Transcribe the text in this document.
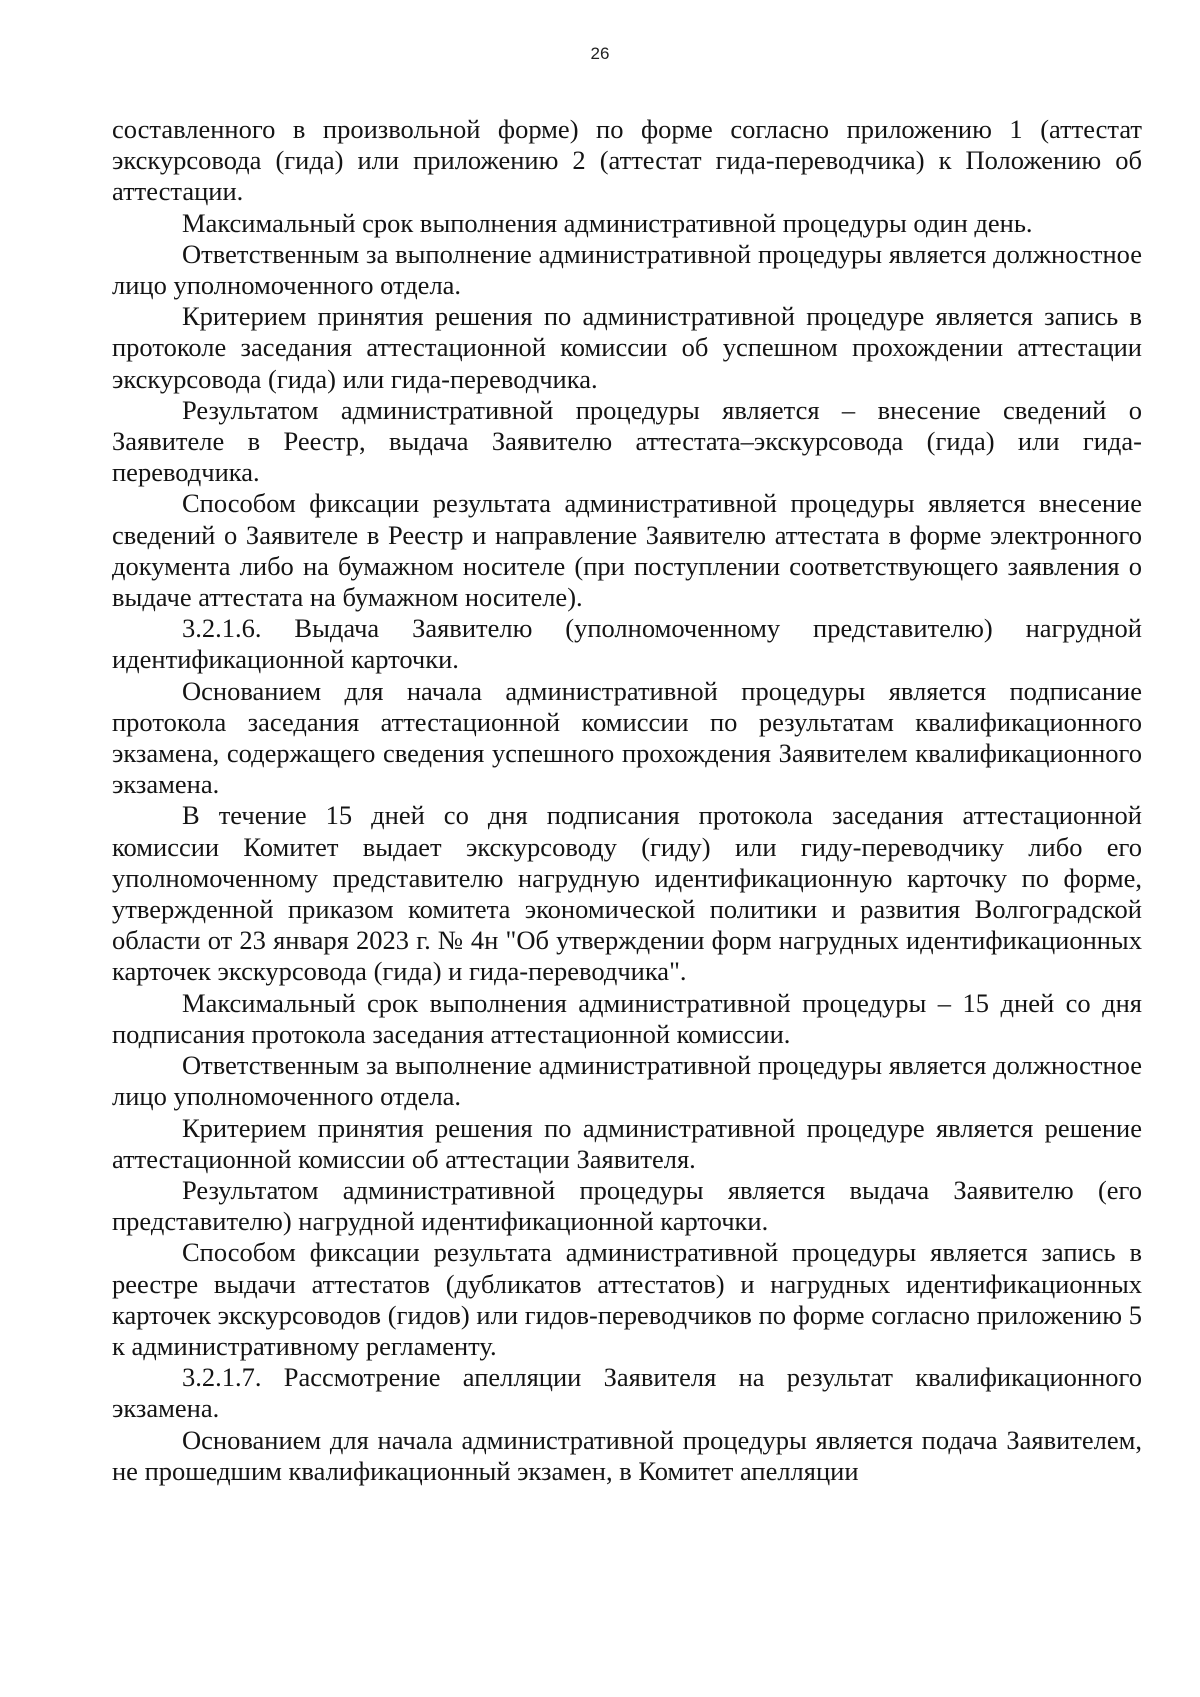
26

составленного в произвольной форме) по форме согласно приложению 1 (аттестат экскурсовода (гида) или приложению 2 (аттестат гида-переводчика) к Положению об аттестации.

Максимальный срок выполнения административной процедуры один день.

Ответственным за выполнение административной процедуры является должностное лицо уполномоченного отдела.

Критерием принятия решения по административной процедуре является запись в протоколе заседания аттестационной комиссии об успешном прохождении аттестации экскурсовода (гида) или гида-переводчика.

Результатом административной процедуры является – внесение сведений о Заявителе в Реестр, выдача Заявителю аттестата–экскурсовода (гида) или гида-переводчика.

Способом фиксации результата административной процедуры является внесение сведений о Заявителе в Реестр и направление Заявителю аттестата в форме электронного документа либо на бумажном носителе (при поступлении соответствующего заявления о выдаче аттестата на бумажном носителе).

3.2.1.6. Выдача Заявителю (уполномоченному представителю) нагрудной идентификационной карточки.

Основанием для начала административной процедуры является подписание протокола заседания аттестационной комиссии по результатам квалификационного экзамена, содержащего сведения успешного прохождения Заявителем квалификационного экзамена.

В течение 15 дней со дня подписания протокола заседания аттестационной комиссии Комитет выдает экскурсоводу (гиду) или гиду-переводчику либо его уполномоченному представителю нагрудную идентификационную карточку по форме, утвержденной приказом комитета экономической политики и развития Волгоградской области от 23 января 2023 г. № 4н "Об утверждении форм нагрудных идентификационных карточек экскурсовода (гида) и гида-переводчика".

Максимальный срок выполнения административной процедуры – 15 дней со дня подписания протокола заседания аттестационной комиссии.

Ответственным за выполнение административной процедуры является должностное лицо уполномоченного отдела.

Критерием принятия решения по административной процедуре является решение аттестационной комиссии об аттестации Заявителя.

Результатом административной процедуры является выдача Заявителю (его представителю) нагрудной идентификационной карточки.

Способом фиксации результата административной процедуры является запись в реестре выдачи аттестатов (дубликатов аттестатов) и нагрудных идентификационных карточек экскурсоводов (гидов) или гидов-переводчиков по форме согласно приложению 5 к административному регламенту.

3.2.1.7. Рассмотрение апелляции Заявителя на результат квалификационного экзамена.

Основанием для начала административной процедуры является подача Заявителем, не прошедшим квалификационный экзамен, в Комитет апелляции
